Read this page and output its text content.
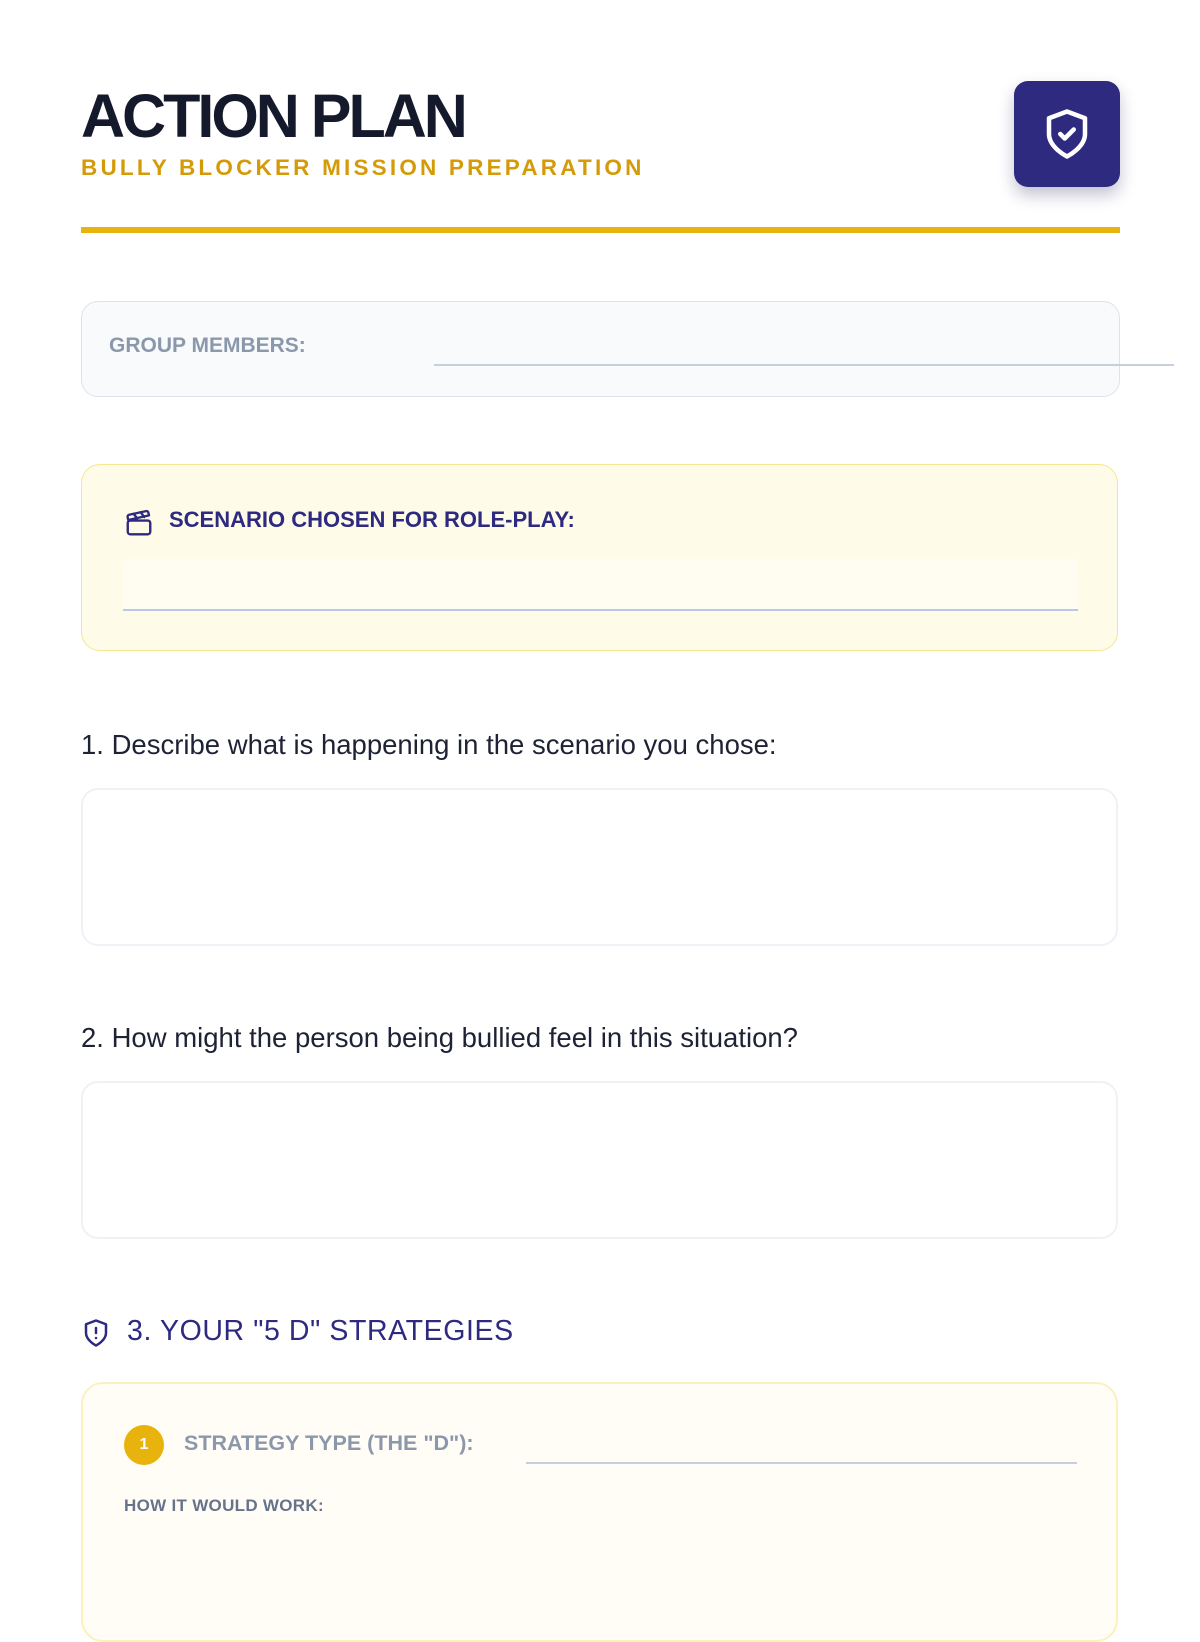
ACTION PLAN
BULLY BLOCKER MISSION PREPARATION
GROUP MEMBERS:
SCENARIO CHOSEN FOR ROLE-PLAY:
1. Describe what is happening in the scenario you chose:
2. How might the person being bullied feel in this situation?
3. YOUR "5 D" STRATEGIES
1	STRATEGY TYPE (THE "D"):
HOW IT WOULD WORK:
